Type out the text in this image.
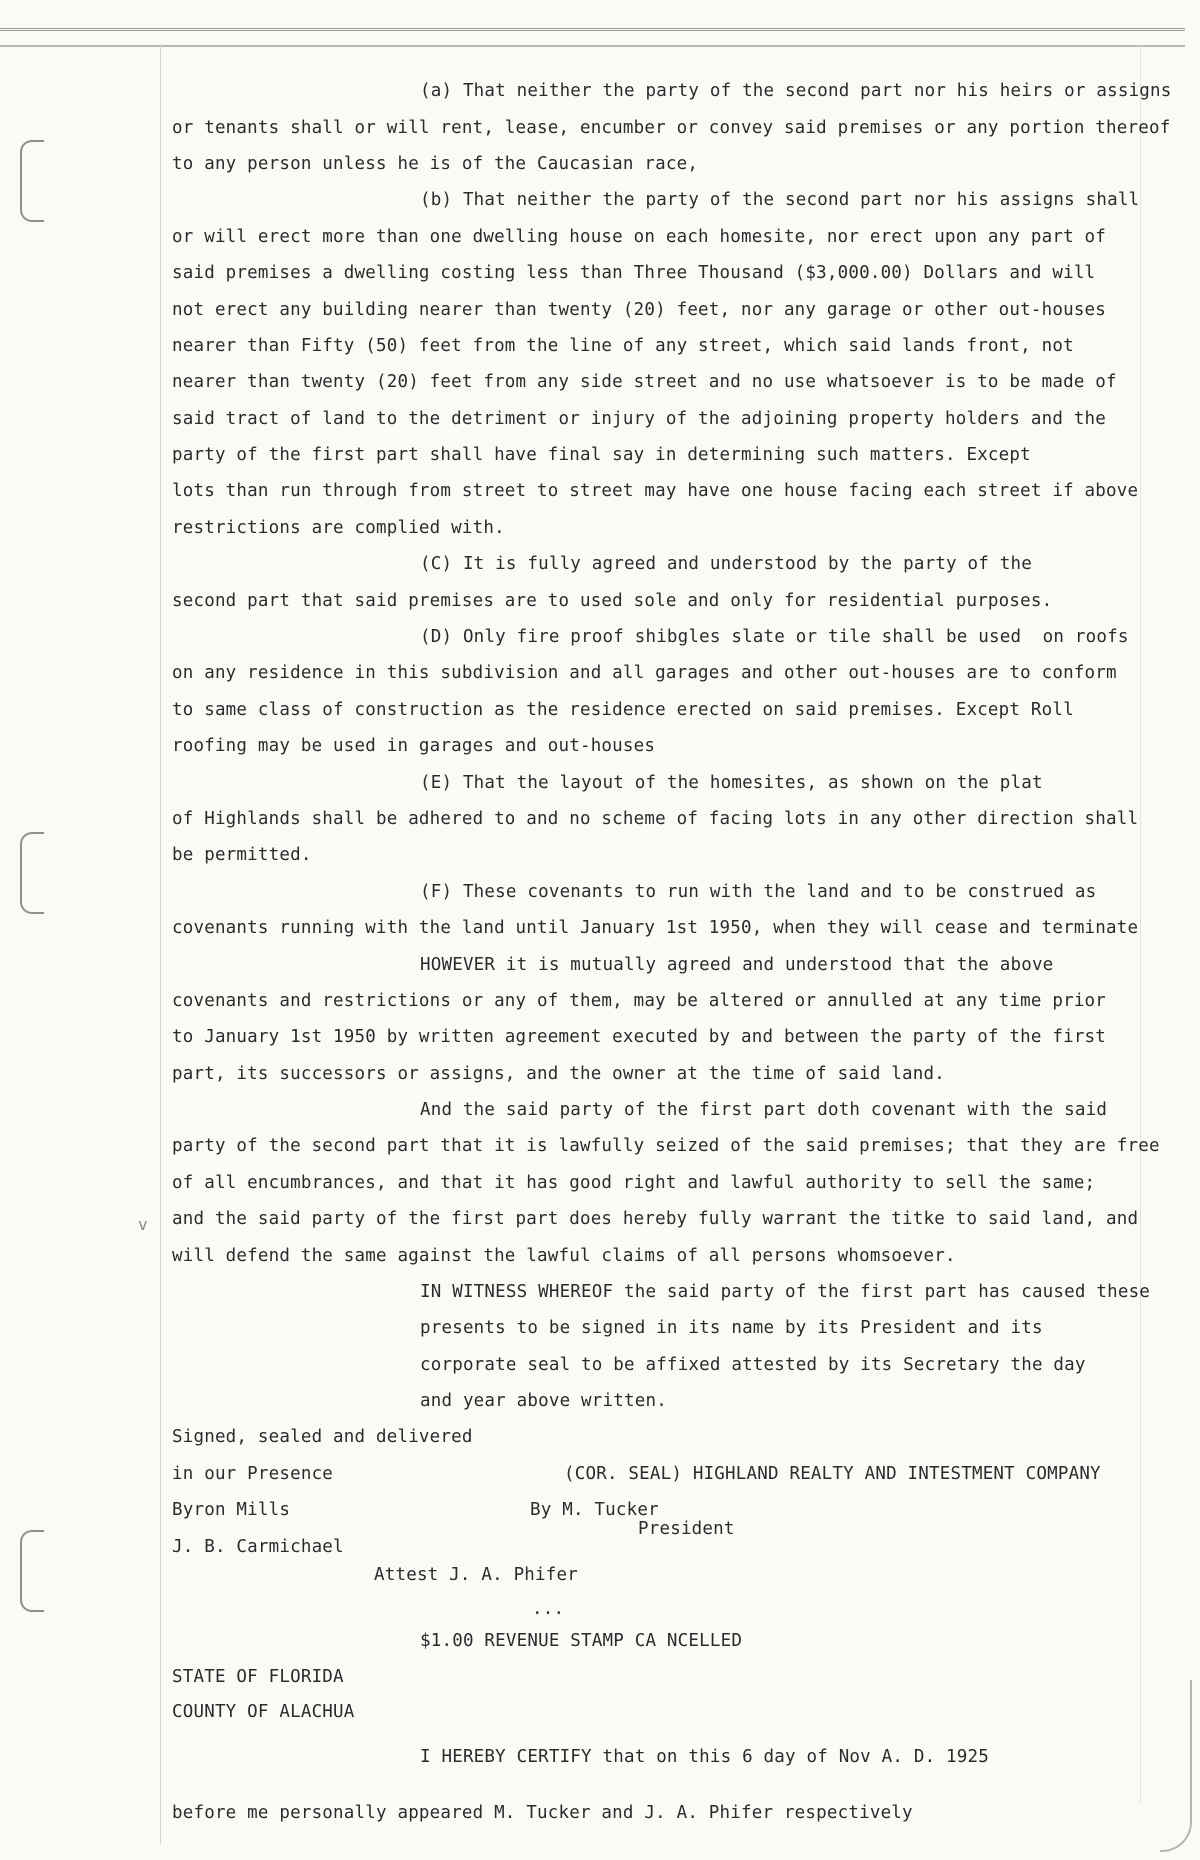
v
(a) That neither the party of the second part nor his heirs or assigns
or tenants shall or will rent, lease, encumber or convey said premises or any portion thereof
to any person unless he is of the Caucasian race,
(b) That neither the party of the second part nor his assigns shall
or will erect more than one dwelling house on each homesite, nor erect upon any part of
said premises a dwelling costing less than Three Thousand ($3,000.00) Dollars and will
not erect any building nearer than twenty (20) feet, nor any garage or other out-houses
nearer than Fifty (50) feet from the line of any street, which said lands front, not
nearer than twenty (20) feet from any side street and no use whatsoever is to be made of
said tract of land to the detriment or injury of the adjoining property holders and the
party of the first part shall have final say in determining such matters. Except
lots than run through from street to street may have one house facing each street if above
restrictions are complied with.
(C) It is fully agreed and understood by the party of the
second part that said premises are to used sole and only for residential purposes.
(D) Only fire proof shibgles slate or tile shall be used  on roofs
on any residence in this subdivision and all garages and other out-houses are to conform
to same class of construction as the residence erected on said premises. Except Roll
roofing may be used in garages and out-houses
(E) That the layout of the homesites, as shown on the plat
of Highlands shall be adhered to and no scheme of facing lots in any other direction shall
be permitted.
(F) These covenants to run with the land and to be construed as
covenants running with the land until January 1st 1950, when they will cease and terminate
HOWEVER it is mutually agreed and understood that the above
covenants and restrictions or any of them, may be altered or annulled at any time prior
to January 1st 1950 by written agreement executed by and between the party of the first
part, its successors or assigns, and the owner at the time of said land.
And the said party of the first part doth covenant with the said
party of the second part that it is lawfully seized of the said premises; that they are free
of all encumbrances, and that it has good right and lawful authority to sell the same;
and the said party of the first part does hereby fully warrant the titke to said land, and
will defend the same against the lawful claims of all persons whomsoever.
IN WITNESS WHEREOF the said party of the first part has caused these
presents to be signed in its name by its President and its
corporate seal to be affixed attested by its Secretary the day
and year above written.
Signed, sealed and delivered
in our Presence	(COR. SEAL) HIGHLAND REALTY AND INTESTMENT COMPANY
Byron Mills	By M. Tucker
President
J. B. Carmichael
Attest J. A. Phifer
...
$1.00 REVENUE STAMP CA NCELLED
STATE OF FLORIDA
COUNTY OF ALACHUA
I HEREBY CERTIFY that on this 6 day of Nov A. D. 1925
before me personally appeared M. Tucker and J. A. Phifer respectively
